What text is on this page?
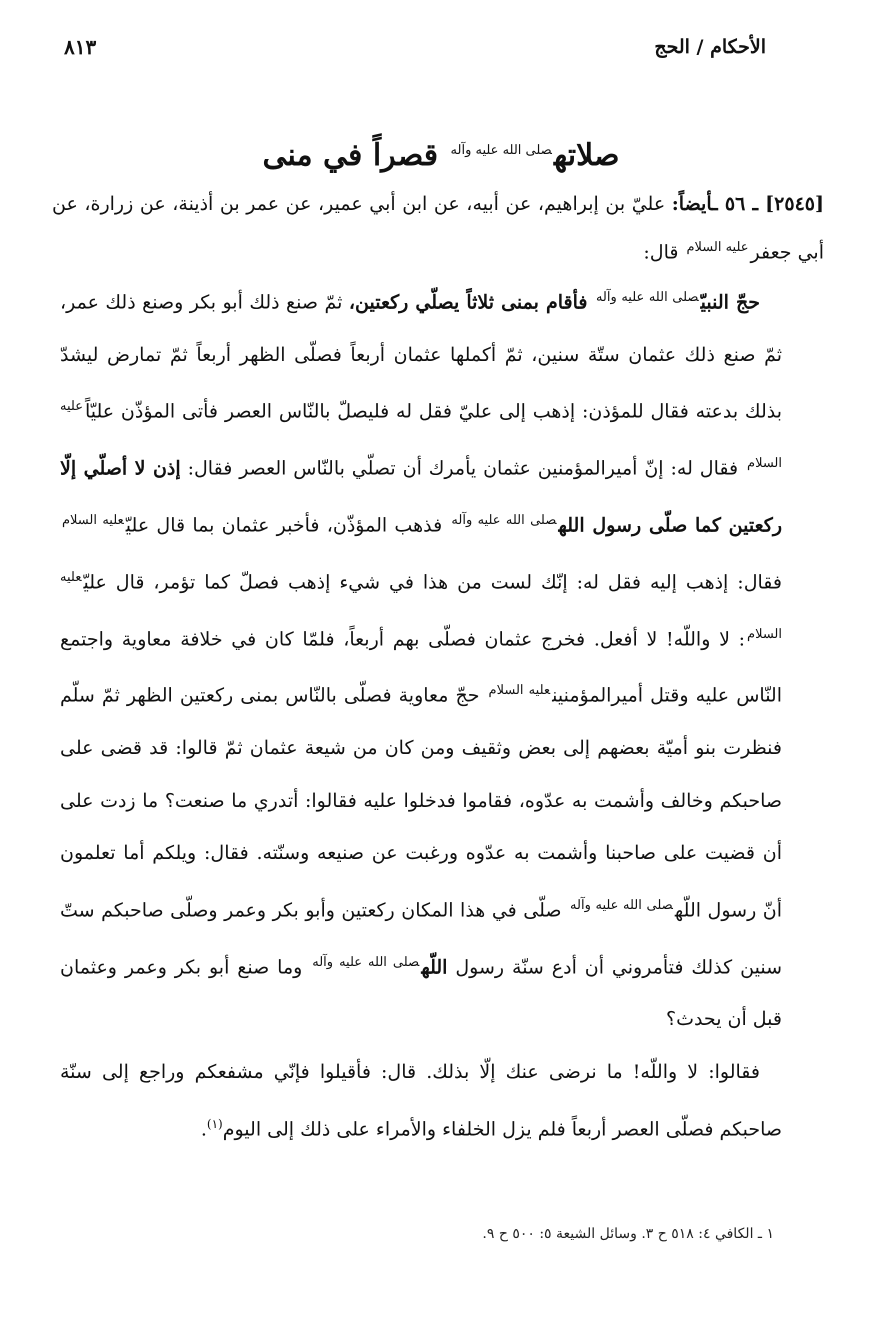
الأحكام / الحج
٨١٣
صلاته$^{صلى الله عليه وآله}$ قصراً في منى
[٢٥٤٥] ـ ٥٦ ـأيضاً: عليّ بن إبراهيم، عن أبيه، عن ابن أبي عمير، عن عمر بن أذينة، عن زرارة، عن أبي جعفر$^{عليه السلام}$ قال:

حجّ النبيّ$^{صلى الله عليه وآله}$ فأقام بمنى ثلاثاً يصلّي ركعتين، ثمّ صنع ذلك أبو بكر وصنع ذلك عمر، ثمّ صنع ذلك عثمان ستّة سنين، ثمّ أكملها عثمان أربعاً فصلّى الظهر أربعاً ثمّ تمارض ليشدّ بذلك بدعته فقال للمؤذن: إذهب إلى عليّ فقل له فليصلّ بالنّاس العصر فأتى المؤذّن عليّاً$^{عليه السلام}$ فقال له: إنّ أميرالمؤمنين عثمان يأمرك أن تصلّي بالنّاس العصر فقال: إذن لا أصلّي إلّا ركعتين كما صلّى رسول الله$^{صلى الله عليه وآله}$ فذهب المؤذّن، فأخبر عثمان بما قال عليّ$^{عليه السلام}$ فقال: إذهب إليه فقل له: إنّك لست من هذا في شيء إذهب فصلّ كما تؤمر، قال عليّ$^{عليه السلام}$: لا واللّه! لا أفعل. فخرج عثمان فصلّى بهم أربعاً، فلمّا كان في خلافة معاوية واجتمع النّاس عليه وقتل أميرالمؤمنين$^{عليه السلام}$ حجّ معاوية فصلّى بالنّاس بمنى ركعتين الظهر ثمّ سلّم فنظرت بنو أميّة بعضهم إلى بعض وثقيف ومن كان من شيعة عثمان ثمّ قالوا: قد قضى على صاحبكم وخالف وأشمت به عدّوه، فقاموا فدخلوا عليه فقالوا: أتدري ما صنعت؟ ما زدت على أن قضيت على صاحبنا وأشمت به عدّوه ورغبت عن صنيعه وسنّته. فقال: ويلكم أما تعلمون أنّ رسول اللّه$^{صلى الله عليه وآله}$ صلّى في هذا المكان ركعتين وأبو بكر وعمر وصلّى صاحبكم ستّ سنين كذلك فتأمروني أن أدع سنّة رسول اللّه$^{صلى الله عليه وآله}$ وما صنع أبو بكر وعمر وعثمان قبل أن يحدث؟

فقالوا: لا واللّه! ما نرضى عنك إلّا بذلك. قال: فأقيلوا فإنّي مشفعكم وراجع إلى سنّة صاحبكم فصلّى العصر أربعاً فلم يزل الخلفاء والأمراء على ذلك إلى اليوم$^{(١)}$.

١ ـ الكافي ٤: ٥١٨ ح ٣. وسائل الشيعة ٥: ٥٠٠ ح ٩.
